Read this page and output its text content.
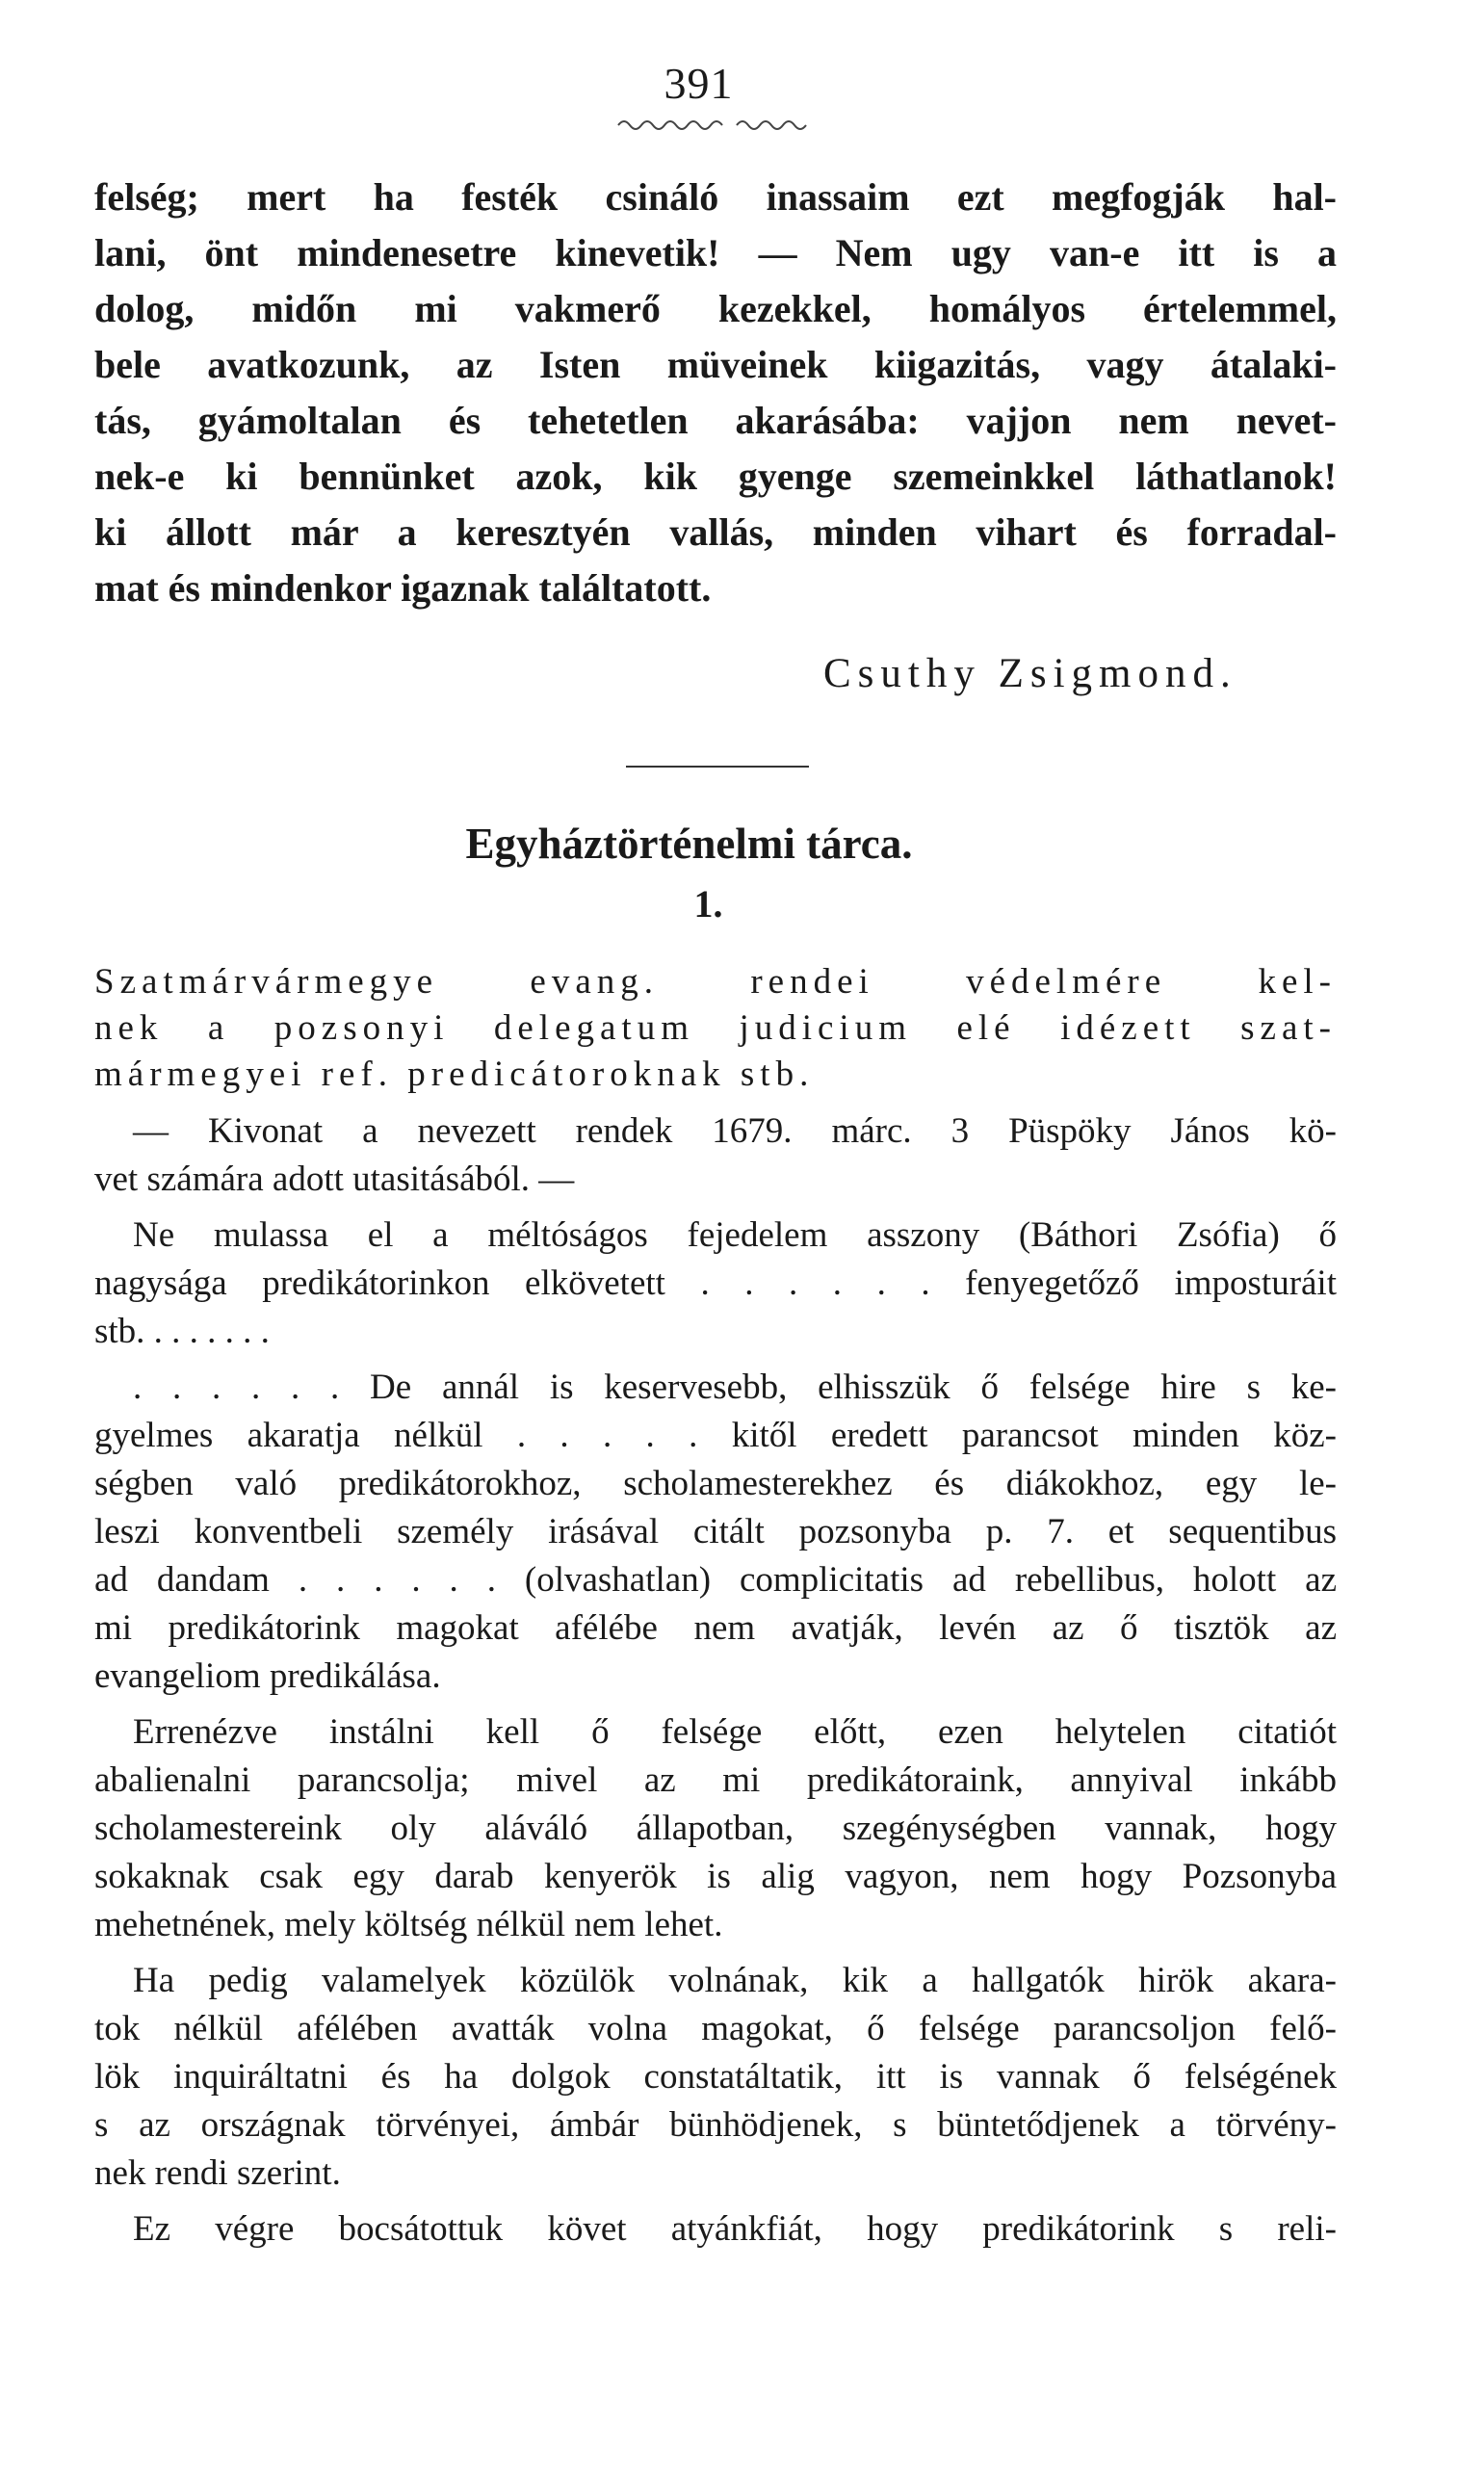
391
felség; mert ha festék csináló inassaim ezt megfogják hal-
lani, önt mindenesetre kinevetik! — Nem ugy van-e itt is a
dolog, midőn mi vakmerő kezekkel, homályos értelemmel,
bele avatkozunk, az Isten müveinek kiigazitás, vagy átalaki-
tás, gyámoltalan és tehetetlen akarásába: vajjon nem nevet-
nek-e ki bennünket azok, kik gyenge szemeinkkel láthatlanok!
ki állott már a keresztyén vallás, minden vihart és forradal-
mat és mindenkor igaznak találtatott.
Csuthy Zsigmond.
Egyháztörténelmi tárca.
1.
Szatmárvármegye evang. rendei védelmére kel-
nek a pozsonyi delegatum judicium elé idézett szat-
mármegyei ref. predicátoroknak stb.
— Kivonat a nevezett rendek 1679. márc. 3 Püspöky János kö-
vet számára adott utasitásából. —
Ne mulassa el a méltóságos fejedelem asszony (Báthori Zsófia) ő
nagysága predikátorinkon elkövetett . . . . . . fenyegetőző imposturáit
stb. . . . . . . .
. . . . . . De annál is keservesebb, elhisszük ő felsége hire s ke-
gyelmes akaratja nélkül . . . . . kitől eredett parancsot minden köz-
ségben való predikátorokhoz, scholamesterekhez és diákokhoz, egy le-
leszi konventbeli személy irásával citált pozsonyba p. 7. et sequentibus
ad dandam . . . . . . (olvashatlan) complicitatis ad rebellibus, holott az
mi predikátorink magokat afélébe nem avatják, levén az ő tisztök az
evangeliom predikálása.
Errenézve instálni kell ő felsége előtt, ezen helytelen citatiót
abalienalni parancsolja; mivel az mi predikátoraink, annyival inkább
scholamestereink oly aláváló állapotban, szegénységben vannak, hogy
sokaknak csak egy darab kenyerök is alig vagyon, nem hogy Pozsonyba
mehetnének, mely költség nélkül nem lehet.
Ha pedig valamelyek közülök volnának, kik a hallgatók hirök akara-
tok nélkül afélében avatták volna magokat, ő felsége parancsoljon felő-
lök inquiráltatni és ha dolgok constatáltatik, itt is vannak ő felségének
s az országnak törvényei, ámbár bünhödjenek, s büntetődjenek a törvény-
nek rendi szerint.
Ez végre bocsátottuk követ atyánkfiát, hogy predikátorink s reli-
